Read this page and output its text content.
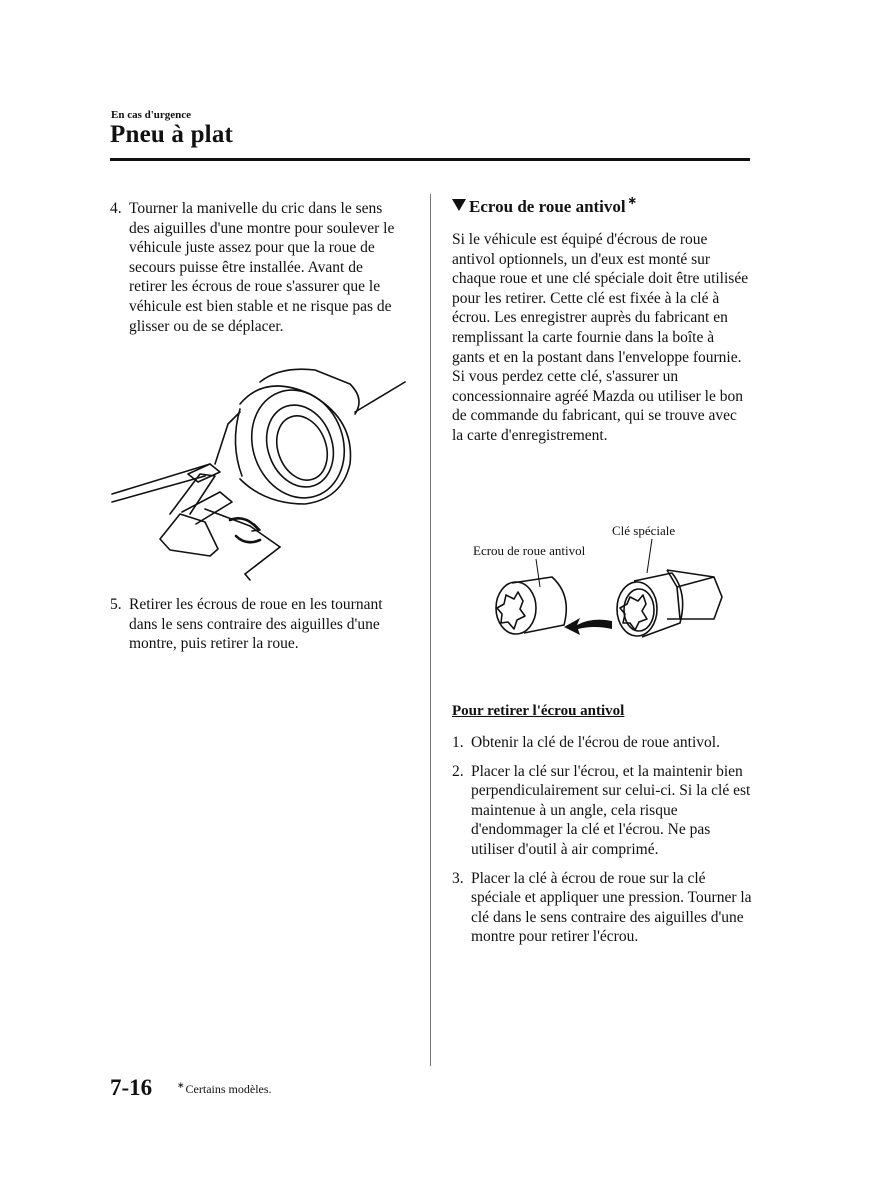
En cas d'urgence
Pneu à plat
4. Tourner la manivelle du cric dans le sens des aiguilles d'une montre pour soulever le véhicule juste assez pour que la roue de secours puisse être installée. Avant de retirer les écrous de roue s'assurer que le véhicule est bien stable et ne risque pas de glisser ou de se déplacer.
5. Retirer les écrous de roue en les tournant dans le sens contraire des aiguilles d'une montre, puis retirer la roue.
Ecrou de roue antivol ∗
Si le véhicule est équipé d'écrous de roue antivol optionnels, un d'eux est monté sur chaque roue et une clé spéciale doit être utilisée pour les retirer. Cette clé est fixée à la clé à écrou. Les enregistrer auprès du fabricant en remplissant la carte fournie dans la boîte à gants et en la postant dans l'enveloppe fournie. Si vous perdez cette clé, s'assurer un concessionnaire agréé Mazda ou utiliser le bon de commande du fabricant, qui se trouve avec la carte d'enregistrement.
Clé spéciale
Ecrou de roue antivol
Pour retirer l'écrou antivol
1. Obtenir la clé de l'écrou de roue antivol.
2. Placer la clé sur l'écrou, et la maintenir bien perpendiculairement sur celui-ci. Si la clé est maintenue à un angle, cela risque d'endommager la clé et l'écrou. Ne pas utiliser d'outil à air comprimé.
3. Placer la clé à écrou de roue sur la clé spéciale et appliquer une pression. Tourner la clé dans le sens contraire des aiguilles d'une montre pour retirer l'écrou.
7-16	∗Certains modèles.
